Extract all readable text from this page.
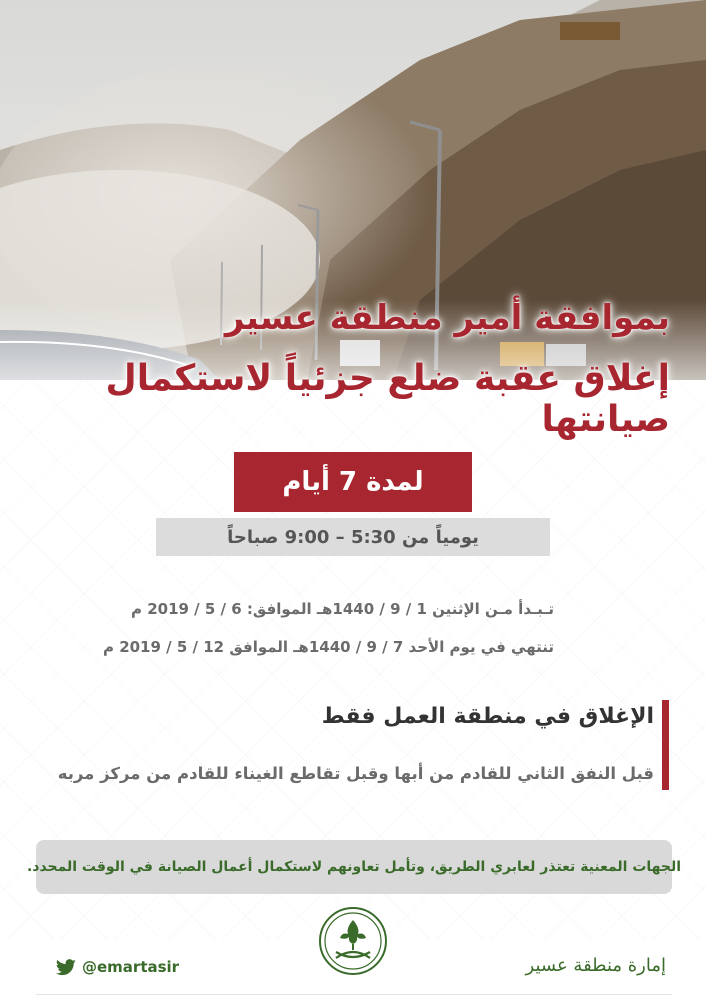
بموافقة أمير منطقة عسير
إغلاق عقبة ضلع جزئياً لاستكمال صيانتها
لمدة 7 أيام
يومياً من 5:30 – 9:00 صباحاً
تـبـدأ مـن الإثنين 1 / 9 / 1440هـ الموافق: 6 / 5 / 2019 م
تنتهي في يوم الأحد 7 / 9 / 1440هـ الموافق 12 / 5 / 2019 م
الإغلاق في منطقة العمل فقط
قبل النفق الثاني للقادم من أبها وقبل تقاطع الغيناء للقادم من مركز مربه
الجهات المعنية تعتذر لعابري الطريق، وتأمل تعاونهم لاستكمال أعمال الصيانة في الوقت المحدد.
@emartasir	إمارة منطقة عسير
